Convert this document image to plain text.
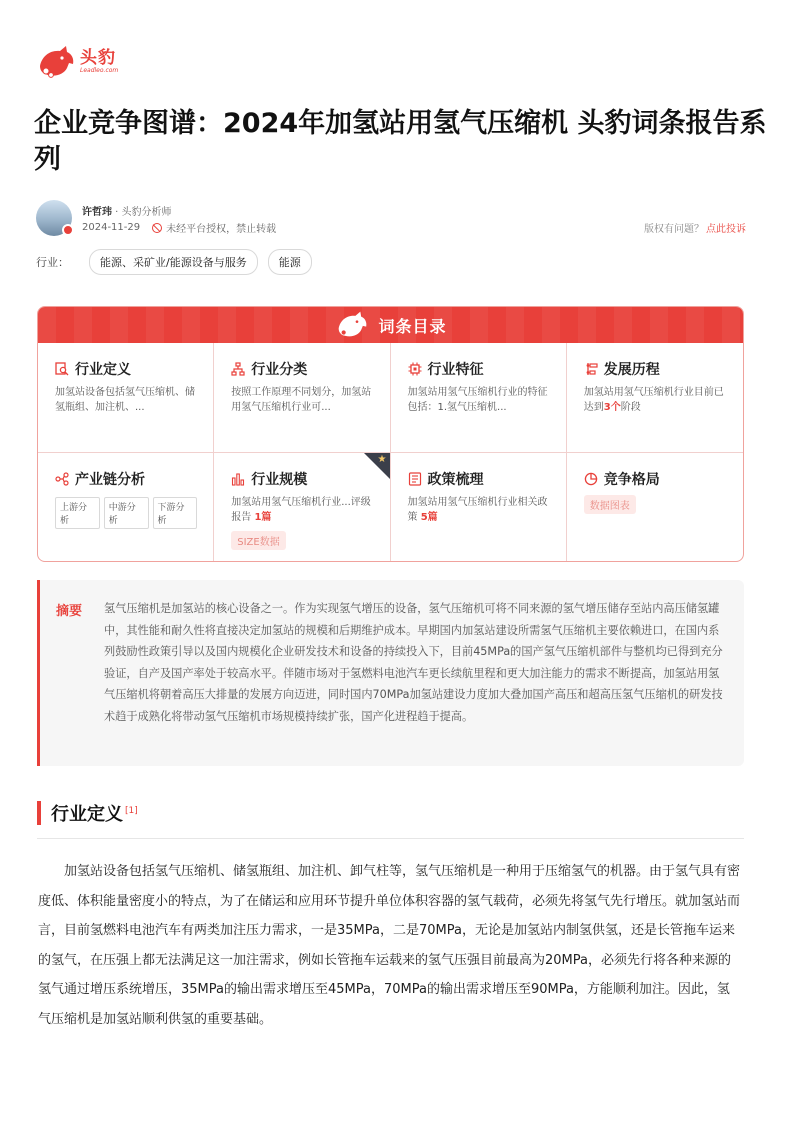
头豹
Leadleo.com
企业竞争图谱：2024年加氢站用氢气压缩机 头豹词条报告系列
许哲玮 · 头豹分析师
2024-11-29	未经平台授权，禁止转载	版权有问题？ 点此投诉
行业：	能源、采矿业/能源设备与服务	能源
词条目录
行业定义
加氢站设备包括氢气压缩机、储氢瓶组、加注机、...
行业分类
按照工作原理不同划分，加氢站用氢气压缩机行业可...
行业特征
加氢站用氢气压缩机行业的特征包括：1.氢气压缩机...
发展历程
加氢站用氢气压缩机行业目前已达到3个阶段
产业链分析
上游分析
中游分析
下游分析
★
行业规模
加氢站用氢气压缩机行业...评级报告 1篇
SIZE数据
政策梳理
加氢站用氢气压缩机行业相关政策 5篇
竞争格局
数据图表
摘要 氢气压缩机是加氢站的核心设备之一。作为实现氢气增压的设备，氢气压缩机可将不同来源的氢气增压储存至站内高压储氢罐中，其性能和耐久性将直接决定加氢站的规模和后期维护成本。早期国内加氢站建设所需氢气压缩机主要依赖进口，在国内系列鼓励性政策引导以及国内规模化企业研发技术和设备的持续投入下，目前45MPa的国产氢气压缩机部件与整机均已得到充分验证，自产及国产率处于较高水平。伴随市场对于氢燃料电池汽车更长续航里程和更大加注能力的需求不断提高，加氢站用氢气压缩机将朝着高压大排量的发展方向迈进，同时国内70MPa加氢站建设力度加大叠加国产高压和超高压氢气压缩机的研发技术趋于成熟化将带动氢气压缩机市场规模持续扩张，国产化进程趋于提高。

行业定义 [1]

加氢站设备包括氢气压缩机、储氢瓶组、加注机、卸气柱等，氢气压缩机是一种用于压缩氢气的机器。由于氢气具有密度低、体积能量密度小的特点，为了在储运和应用环节提升单位体积容器的氢气载荷，必须先将氢气先行增压。就加氢站而言，目前氢燃料电池汽车有两类加注压力需求，一是35MPa，二是70MPa，无论是加氢站内制氢供氢，还是长管拖车运来的氢气，在压强上都无法满足这一加注需求，例如长管拖车运载来的氢气压强目前最高为20MPa，必须先行将各种来源的氢气通过增压系统增压，35MPa的输出需求增压至45MPa，70MPa的输出需求增压至90MPa，方能顺利加注。因此，氢气压缩机是加氢站顺利供氢的重要基础。
